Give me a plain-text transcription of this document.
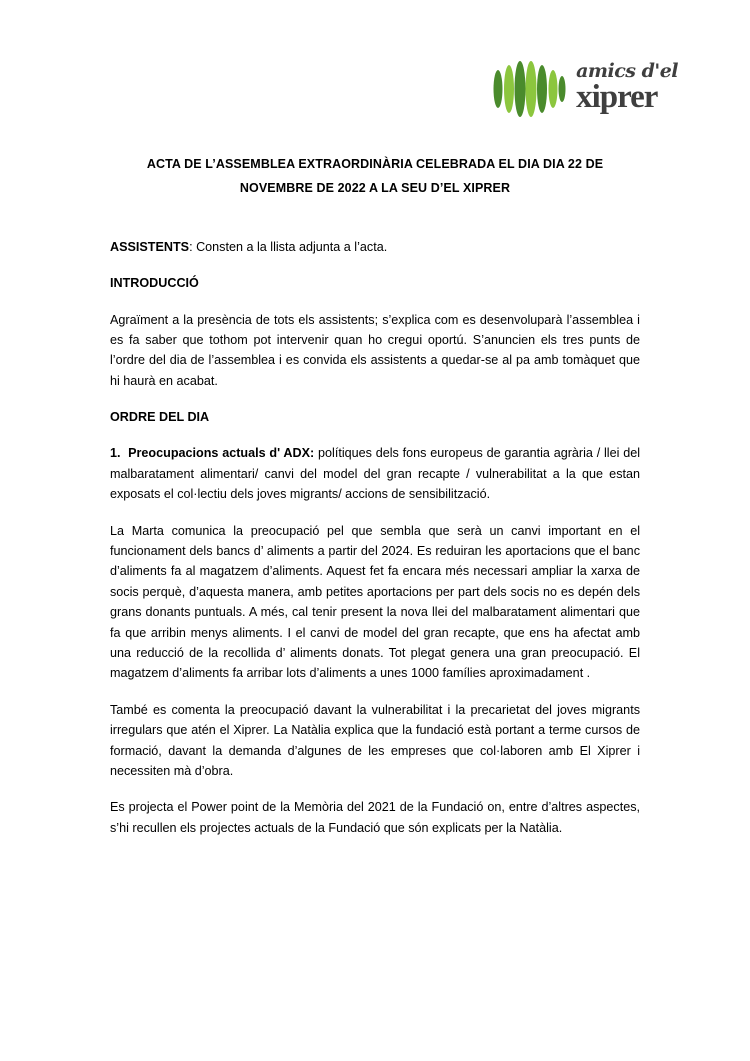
amics d'el
xiprer
ACTA DE L’ASSEMBLEA EXTRAORDINÀRIA CELEBRADA EL DIA DIA 22 DE
NOVEMBRE DE 2022 A LA SEU D’EL XIPRER

ASSISTENTS: Consten a la llista adjunta a l’acta.

INTRODUCCIÓ

Agraïment a la presència de tots els assistents; s’explica com es desenvoluparà l’assemblea i es fa saber que tothom pot intervenir quan ho cregui oportú. S’anuncien els tres punts de l’ordre del dia de l’assemblea i es convida els assistents a quedar-se al pa amb tomàquet que hi haurà en acabat.

ORDRE DEL DIA

1. Preocupacions actuals d' ADX: polítiques dels fons europeus de garantia agrària / llei del malbaratament alimentari/ canvi del model del gran recapte / vulnerabilitat a la que estan exposats el col·lectiu dels joves migrants/ accions de sensibilització.

La Marta comunica la preocupació pel que sembla que serà un canvi important en el funcionament dels bancs d’ aliments a partir del 2024. Es reduiran les aportacions que el banc d’aliments fa al magatzem d’aliments. Aquest fet fa encara més necessari ampliar la xarxa de socis perquè, d’aquesta manera, amb petites aportacions per part dels socis no es depén dels grans donants puntuals. A més, cal tenir present la nova llei del malbaratament alimentari que fa que arribin menys aliments. I el canvi de model del gran recapte, que ens ha afectat amb una reducció de la recollida d’ aliments donats. Tot plegat genera una gran preocupació. El magatzem d’aliments fa arribar lots d’aliments a unes 1000 famílies aproximadament .

També es comenta la preocupació davant la vulnerabilitat i la precarietat del joves migrants irregulars que atén el Xiprer. La Natàlia explica que la fundació està portant a terme cursos de formació, davant la demanda d’algunes de les empreses que col·laboren amb El Xiprer i necessiten mà d’obra.

Es projecta el Power point de la Memòria del 2021 de la Fundació on, entre d’altres aspectes, s’hi recullen els projectes actuals de la Fundació que són explicats per la Natàlia.
